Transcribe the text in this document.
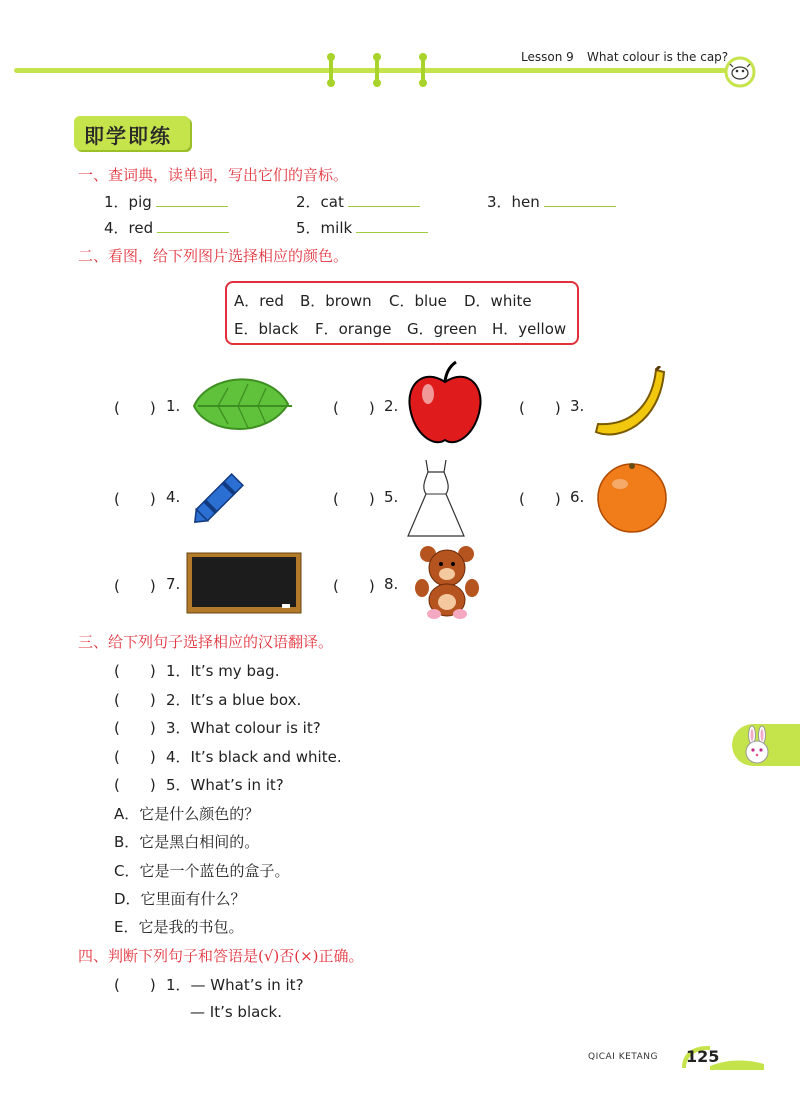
Lesson 9 What colour is the cap?
即学即练
一、查词典，读单词，写出它们的音标。
1．pig	2．cat	3．hen
4．red	5．milk
二、看图，给下列图片选择相应的颜色。
A．red B．brown C．blue D．white
E．black F．orange G．green H．yellow
(　　) 1.	(　　) 2.	(　　) 3.
(　　) 4.	(　　) 5.	(　　) 6.
(　　) 7.	(　　) 8.
三、给下列句子选择相应的汉语翻译。
(　　) 1．It’s my bag.
(　　) 2．It’s a blue box.
(　　) 3．What colour is it?
(　　) 4．It’s black and white.
(　　) 5．What’s in it?
A．它是什么颜色的？
B．它是黑白相间的。
C．它是一个蓝色的盒子。
D．它里面有什么？
E．它是我的书包。
四、判断下列句子和答语是(√)否(×)正确。
(　　) 1．— What’s in it?
— It’s black.
QICAI KETANG 125
